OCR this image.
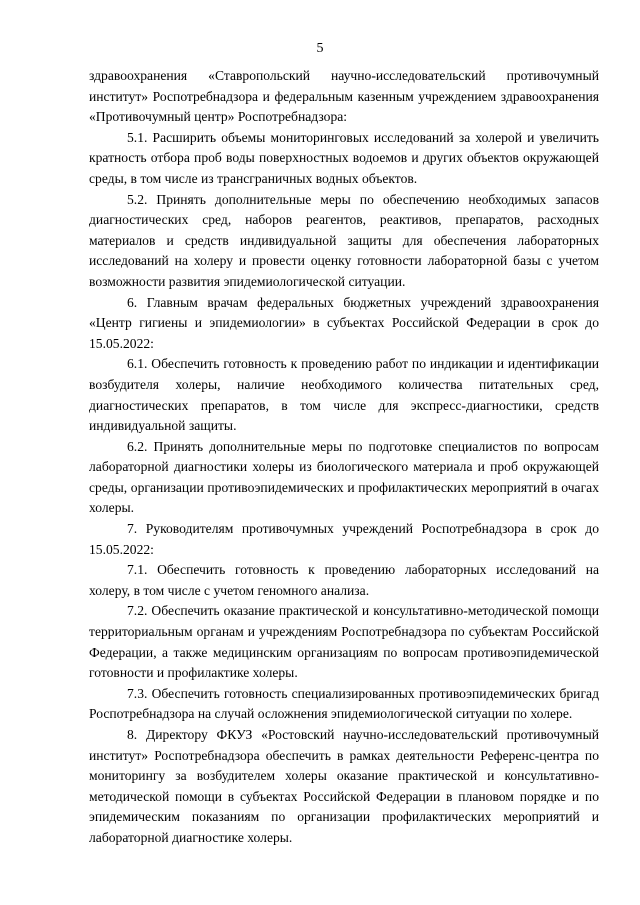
5

здравоохранения «Ставропольский научно-исследовательский противочумный институт» Роспотребнадзора и федеральным казенным учреждением здравоохранения «Противочумный центр» Роспотребнадзора:

5.1. Расширить объемы мониторинговых исследований за холерой и увеличить кратность отбора проб воды поверхностных водоемов и других объектов окружающей среды, в том числе из трансграничных водных объектов.

5.2. Принять дополнительные меры по обеспечению необходимых запасов диагностических сред, наборов реагентов, реактивов, препаратов, расходных материалов и средств индивидуальной защиты для обеспечения лабораторных исследований на холеру и провести оценку готовности лабораторной базы с учетом возможности развития эпидемиологической ситуации.

6. Главным врачам федеральных бюджетных учреждений здравоохранения «Центр гигиены и эпидемиологии» в субъектах Российской Федерации в срок до 15.05.2022:

6.1. Обеспечить готовность к проведению работ по индикации и идентификации возбудителя холеры, наличие необходимого количества питательных сред, диагностических препаратов, в том числе для экспресс-диагностики, средств индивидуальной защиты.

6.2. Принять дополнительные меры по подготовке специалистов по вопросам лабораторной диагностики холеры из биологического материала и проб окружающей среды, организации противоэпидемических и профилактических мероприятий в очагах холеры.

7. Руководителям противочумных учреждений Роспотребнадзора в срок до 15.05.2022:

7.1. Обеспечить готовность к проведению лабораторных исследований на холеру, в том числе с учетом геномного анализа.

7.2. Обеспечить оказание практической и консультативно-методической помощи территориальным органам и учреждениям Роспотребнадзора по субъектам Российской Федерации, а также медицинским организациям по вопросам противоэпидемической готовности и профилактике холеры.

7.3. Обеспечить готовность специализированных противоэпидемических бригад Роспотребнадзора на случай осложнения эпидемиологической ситуации по холере.

8. Директору ФКУЗ «Ростовский научно-исследовательский противочумный институт» Роспотребнадзора обеспечить в рамках деятельности Референс-центра по мониторингу за возбудителем холеры оказание практической и консультативно-методической помощи в субъектах Российской Федерации в плановом порядке и по эпидемическим показаниям по организации профилактических мероприятий и лабораторной диагностике холеры.
